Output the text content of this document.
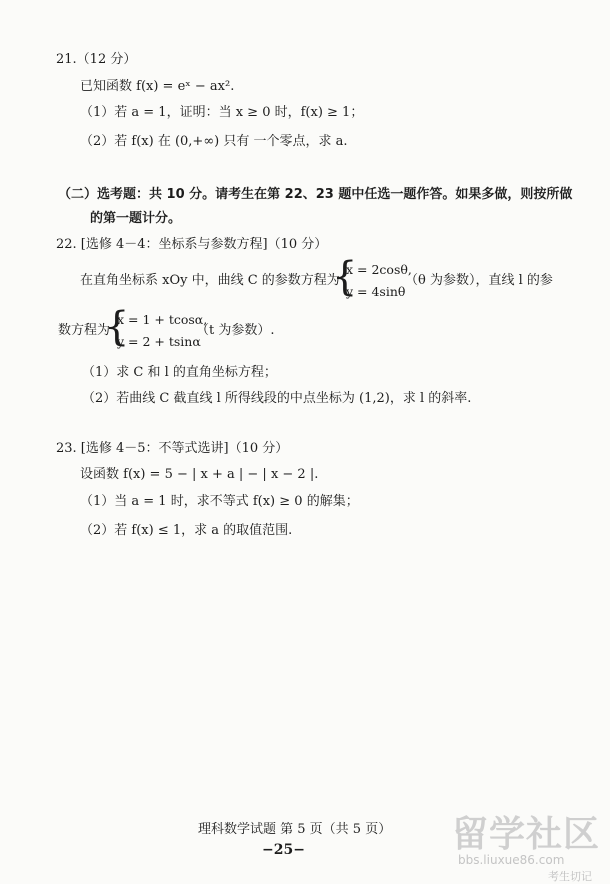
21.（12 分）
已知函数 f(x) = eˣ − ax².
（1）若 a = 1，证明：当 x ≥ 0 时，f(x) ≥ 1；
（2）若 f(x) 在 (0,+∞) 只有 一个零点，求 a.
（二）选考题：共 10 分。请考生在第 22、23 题中任选一题作答。如果多做，则按所做
的第一题计分。
22. [选修 4－4：坐标系与参数方程]（10 分）
在直角坐标系 xOy 中，曲线 C 的参数方程为
{
x = 2cosθ,
y = 4sinθ
（θ 为参数），直线 l 的参
数方程为
{
x = 1 + tcosα,
y = 2 + tsinα
（t 为参数）.
（1）求 C 和 l 的直角坐标方程；
（2）若曲线 C 截直线 l 所得线段的中点坐标为 (1,2)，求 l 的斜率.
23. [选修 4－5：不等式选讲]（10 分）
设函数 f(x) = 5 − | x + a | − | x − 2 |.
（1）当 a = 1 时，求不等式 f(x) ≥ 0 的解集；
（2）若 f(x) ≤ 1，求 a 的取值范围.
理科数学试题 第 5 页（共 5 页）
−25−	留学社区
bbs.liuxue86.com
考生切记
